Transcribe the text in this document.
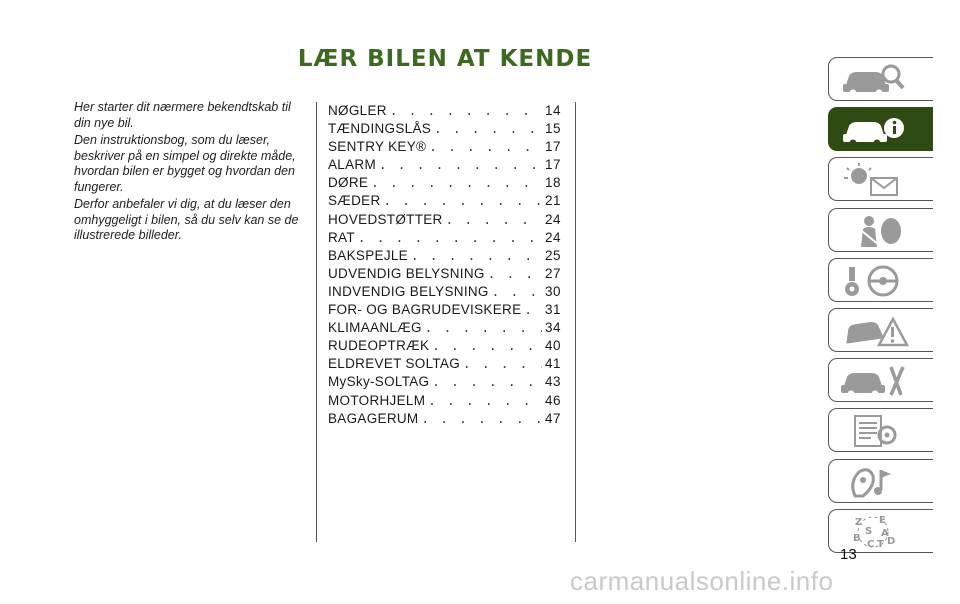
LÆR BILEN AT KENDE

Her starter dit nærmere bekendtskab til din nye bil.

Den instruktionsbog, som du læser, beskriver på en simpel og direkte måde, hvordan bilen er bygget og hvordan den fungerer.

Derfor anbefaler vi dig, at du læser den omhyggeligt i bilen, så du selv kan se de illustrerede billeder.

NØGLER . . .	14
TÆNDINGSLÅS . . .	15
SENTRY KEY® . . .	17
ALARM . . .	17
DØRE . . .	18
SÆDER . . .	21
HOVEDSTØTTER . . .	24
RAT . . .	24
BAKSPEJLE . . .	25
UDVENDIG BELYSNING . . .	27
INDVENDIG BELYSNING . . .	30
FOR- OG BAGRUDEVISKERE . . . 31
KLIMAANLÆG . . .	34
RUDEOPTRÆK . . .	40
ELDREVET SOLTAG . . .	41
MySky-SOLTAG . . .	43
MOTORHJELM . . .	46
BAGAGERUM . . .	47
Z E
S A
B
C T D
13
carmanualsonline.info
